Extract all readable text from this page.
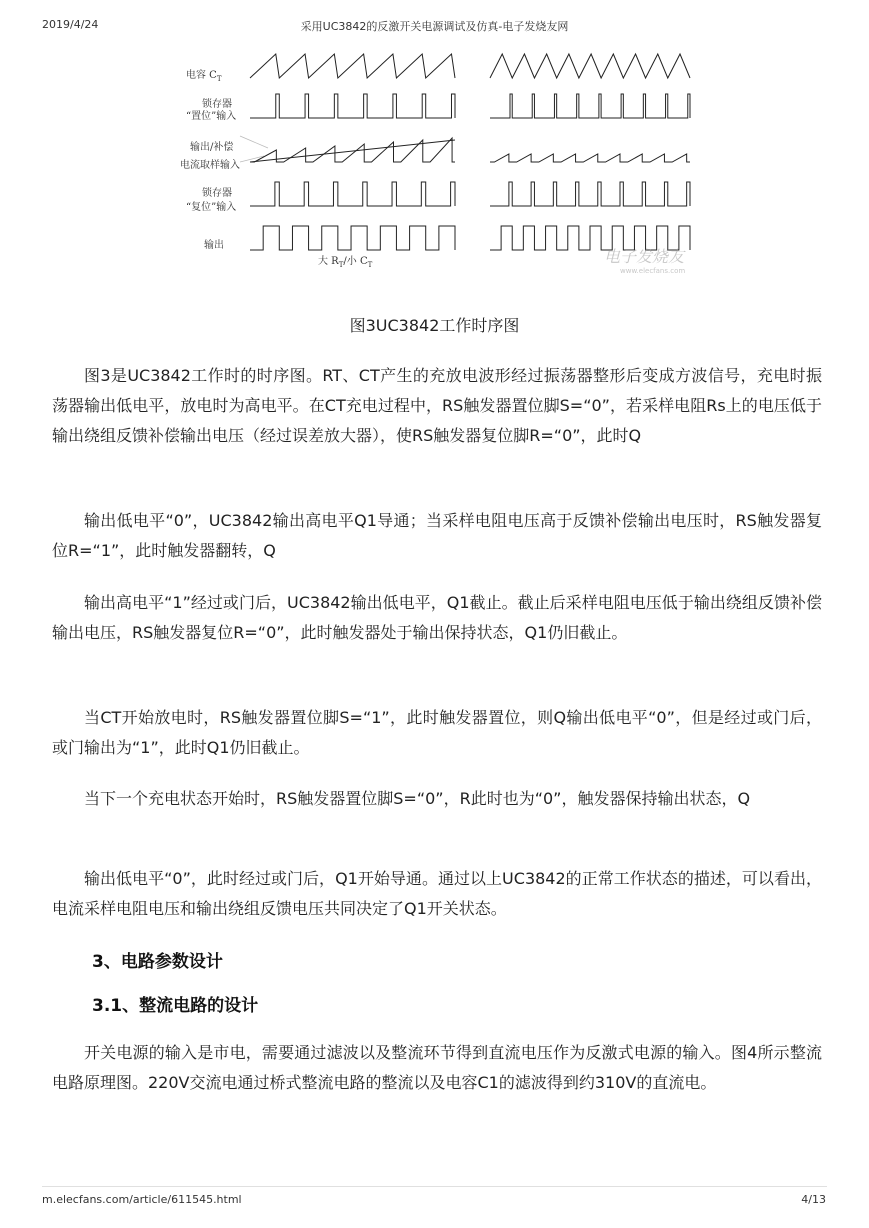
2019/4/24	采用UC3842的反激开关电源调试及仿真-电子发烧友网
电容 $C_T$
锁存器
“置位”输入
输出/补偿
电流取样输入
锁存器
“复位”输入
输出
大 $R_T/$小 $C_T$	电子发烧友
www.elecfans.com
图3UC3842工作时序图

图3是UC3842工作时的时序图。RT、CT产生的充放电波形经过振荡器整形后变成方波信号，充电时振荡器输出低电平，放电时为高电平。在CT充电过程中，RS触发器置位脚S=“0”，若采样电阻Rs上的电压低于输出绕组反馈补偿输出电压（经过误差放大器），使RS触发器复位脚R=“0”，此时Q

输出低电平“0”，UC3842输出高电平Q1导通；当采样电阻电压高于反馈补偿输出电压时，RS触发器复位R=“1”，此时触发器翻转，Q

输出高电平“1”经过或门后，UC3842输出低电平，Q1截止。截止后采样电阻电压低于输出绕组反馈补偿输出电压，RS触发器复位R=“0”，此时触发器处于输出保持状态，Q1仍旧截止。

当CT开始放电时，RS触发器置位脚S=“1”，此时触发器置位，则Q输出低电平“0”，但是经过或门后，或门输出为“1”，此时Q1仍旧截止。

当下一个充电状态开始时，RS触发器置位脚S=“0”，R此时也为“0”，触发器保持输出状态，Q

输出低电平“0”，此时经过或门后，Q1开始导通。通过以上UC3842的正常工作状态的描述，可以看出，电流采样电阻电压和输出绕组反馈电压共同决定了Q1开关状态。

3、电路参数设计
3.1、整流电路的设计

开关电源的输入是市电，需要通过滤波以及整流环节得到直流电压作为反激式电源的输入。图4所示整流电路原理图。220V交流电通过桥式整流电路的整流以及电容C1的滤波得到约310V的直流电。

m.elecfans.com/article/611545.html	4/13
